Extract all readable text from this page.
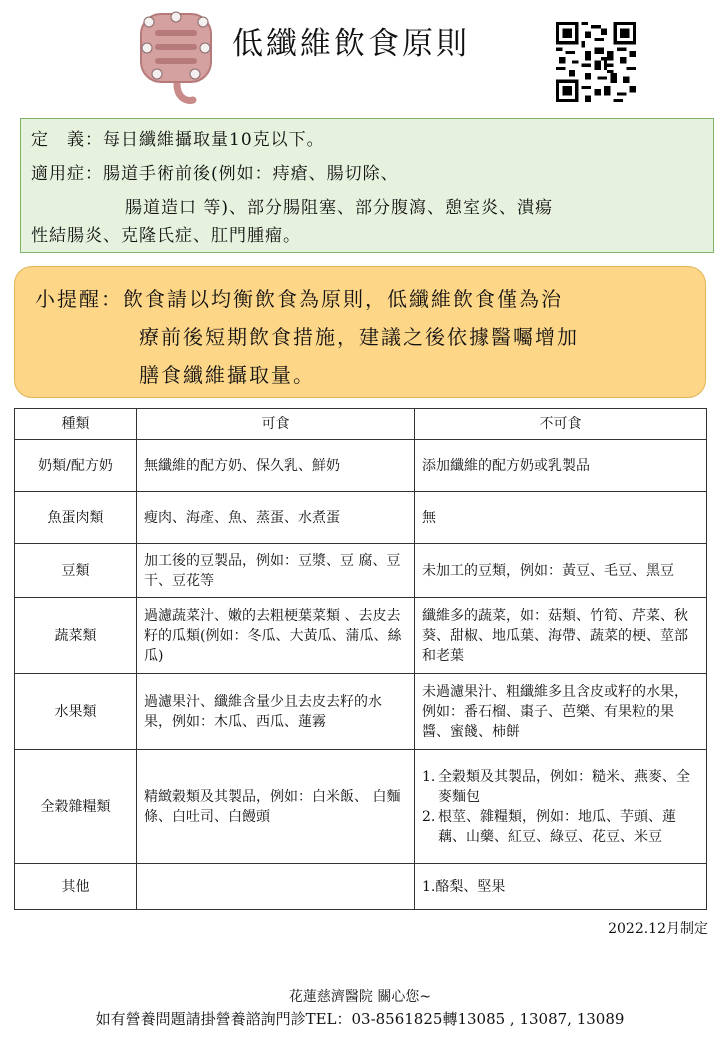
低纖維飲食原則
定　義：每日纖維攝取量10克以下。
適用症：腸道手術前後(例如：痔瘡、腸切除、
腸道造口 等)、部分腸阻塞、部分腹瀉、憩室炎、潰瘍
性結腸炎、克隆氏症、肛門腫瘤。
小提醒：飲食請以均衡飲食為原則，低纖維飲食僅為治
療前後短期飲食措施，建議之後依據醫囑增加
膳食纖維攝取量。
種類	可食	不可食
奶類/配方奶	無纖維的配方奶、保久乳、鮮奶	添加纖維的配方奶或乳製品
魚蛋肉類	瘦肉、海產、魚、蒸蛋、水煮蛋	無
豆類	加工後的豆製品，例如：豆漿、豆 腐、豆干、豆花等	未加工的豆類，例如：黃豆、毛豆、黑豆
蔬菜類	過濾蔬菜汁、嫩的去粗梗葉菜類 、去皮去籽的瓜類(例如：冬瓜、大黃瓜、蒲瓜、絲瓜)	纖維多的蔬菜，如：菇類、竹筍、芹菜、秋葵、甜椒、地瓜葉、海帶、蔬菜的梗、莖部和老葉
水果類	過濾果汁、纖維含量少且去皮去籽的水果，例如：木瓜、西瓜、蓮霧	未過濾果汁、粗纖維多且含皮或籽的水果，例如：番石榴、棗子、芭樂、有果粒的果醬、蜜餞、柿餅
全穀雜糧類	精緻穀類及其製品，例如：白米飯、 白麵條、白吐司、白饅頭	1. 全穀類及其製品，例如：糙米、燕麥、全麥麵包
2. 根莖、雜糧類，例如：地瓜、芋頭、蓮藕、山藥、紅豆、綠豆、花豆、米豆

其他		1.酪梨、堅果
2022.12月制定
花蓮慈濟醫院 關心您~
如有營養問題請掛營養諮詢門診TEL：03-8561825轉13085 , 13087, 13089
